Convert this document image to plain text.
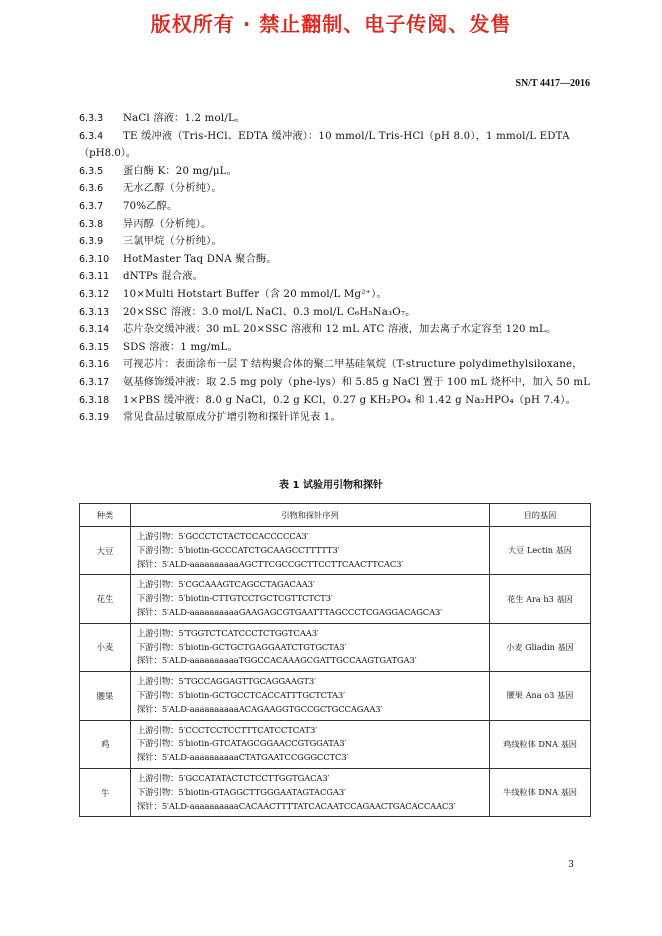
版权所有 · 禁止翻制、电子传阅、发售
SN/T 4417—2016
6.3.3 NaCl 溶液：1.2 mol/L。
6.3.4 TE 缓冲液（Tris-HCl、EDTA 缓冲液）：10 mmol/L Tris-HCl（pH 8.0），1 mmol/L EDTA
（pH8.0）。
6.3.5 蛋白酶 K：20 mg/μL。
6.3.6 无水乙醇（分析纯）。
6.3.7 70%乙醇。
6.3.8 异丙醇（分析纯）。
6.3.9 三氯甲烷（分析纯）。
6.3.10 HotMaster Taq DNA 聚合酶。
6.3.11 dNTPs 混合液。
6.3.12 10×Multi Hotstart Buffer（含 20 mmol/L Mg²⁺）。
6.3.13 20×SSC 溶液：3.0 mol/L NaCl、0.3 mol/L C₆H₅Na₃O₇。
6.3.14 芯片杂交缓冲液：30 mL 20×SSC 溶液和 12 mL ATC 溶液，加去离子水定容至 120 mL。
6.3.15 SDS 溶液：1 mg/mL。
6.3.16 可视芯片：表面涂布一层 T 结构聚合体的聚二甲基硅氧烷（T-structure polydimethylsiloxane，
6.3.17 氨基修饰缓冲液：取 2.5 mg poly（phe-lys）和 5.85 g NaCl 置于 100 mL 烧杯中，加入 50 mL
6.3.18 1×PBS 缓冲液：8.0 g NaCl，0.2 g KCl，0.27 g KH₂PO₄ 和 1.42 g Na₂HPO₄（pH 7.4）。
6.3.19 常见食品过敏原成分扩增引物和探针详见表 1。
表 1 试验用引物和探针
种类	引物和探针序列	目的基因
大豆	上游引物：5′GCCCTCTACTCCACCCCCA3′
下游引物：5′biotin-GCCCATCTGCAAGCCTTTTT3′
探针：5′ALD-aaaaaaaaaaAGCTTCGCCGCTTCCTTCAACTTCAC3′	大豆 Lectin 基因
花生	上游引物：5′CGCAAAGTCAGCCTAGACAA3′
下游引物：5′biotin-CTTGTCCTGCTCGTTCTCT3′
探针：5′ALD-aaaaaaaaaaGAAGAGCGTGAATTTAGCCCTCGAGGACAGCA3′	花生 Ara h3 基因
小麦	上游引物：5′TGGTCTCATCCCTCTGGTCAA3′
下游引物：5′biotin-GCTGCTGAGGAATCTGTGCTA3′
探针：5′ALD-aaaaaaaaaaTGGCCACAAAGCGATTGCCAAGTGATGA3′	小麦 Gliadin 基因
腰果	上游引物：5′TGCCAGGAGTTGCAGGAAGT3′
下游引物：5′biotin-GCTGCCTCACCATTTGCTCTA3′
探针：5′ALD-aaaaaaaaaaACAGAAGGTGCCGCTGCCAGAA3′	腰果 Ana o3 基因
鸡	上游引物：5′CCCTCCTCCTTTCATCCTCAT3′
下游引物：5′biotin-GTCATAGCGGAACCGTGGATA3′
探针：5′ALD-aaaaaaaaaaCTATGAATCCGGGCCTC3′	鸡线粒体 DNA 基因
牛	上游引物：5′GCCATATACTCTCCTTGGTGACA3′
下游引物：5′biotin-GTAGGCTTGGGAATAGTACGA3′
探针：5′ALD-aaaaaaaaaaCACAACTTTTATCACAATCCAGAACTGACACCAAC3′	牛线粒体 DNA 基因
3
